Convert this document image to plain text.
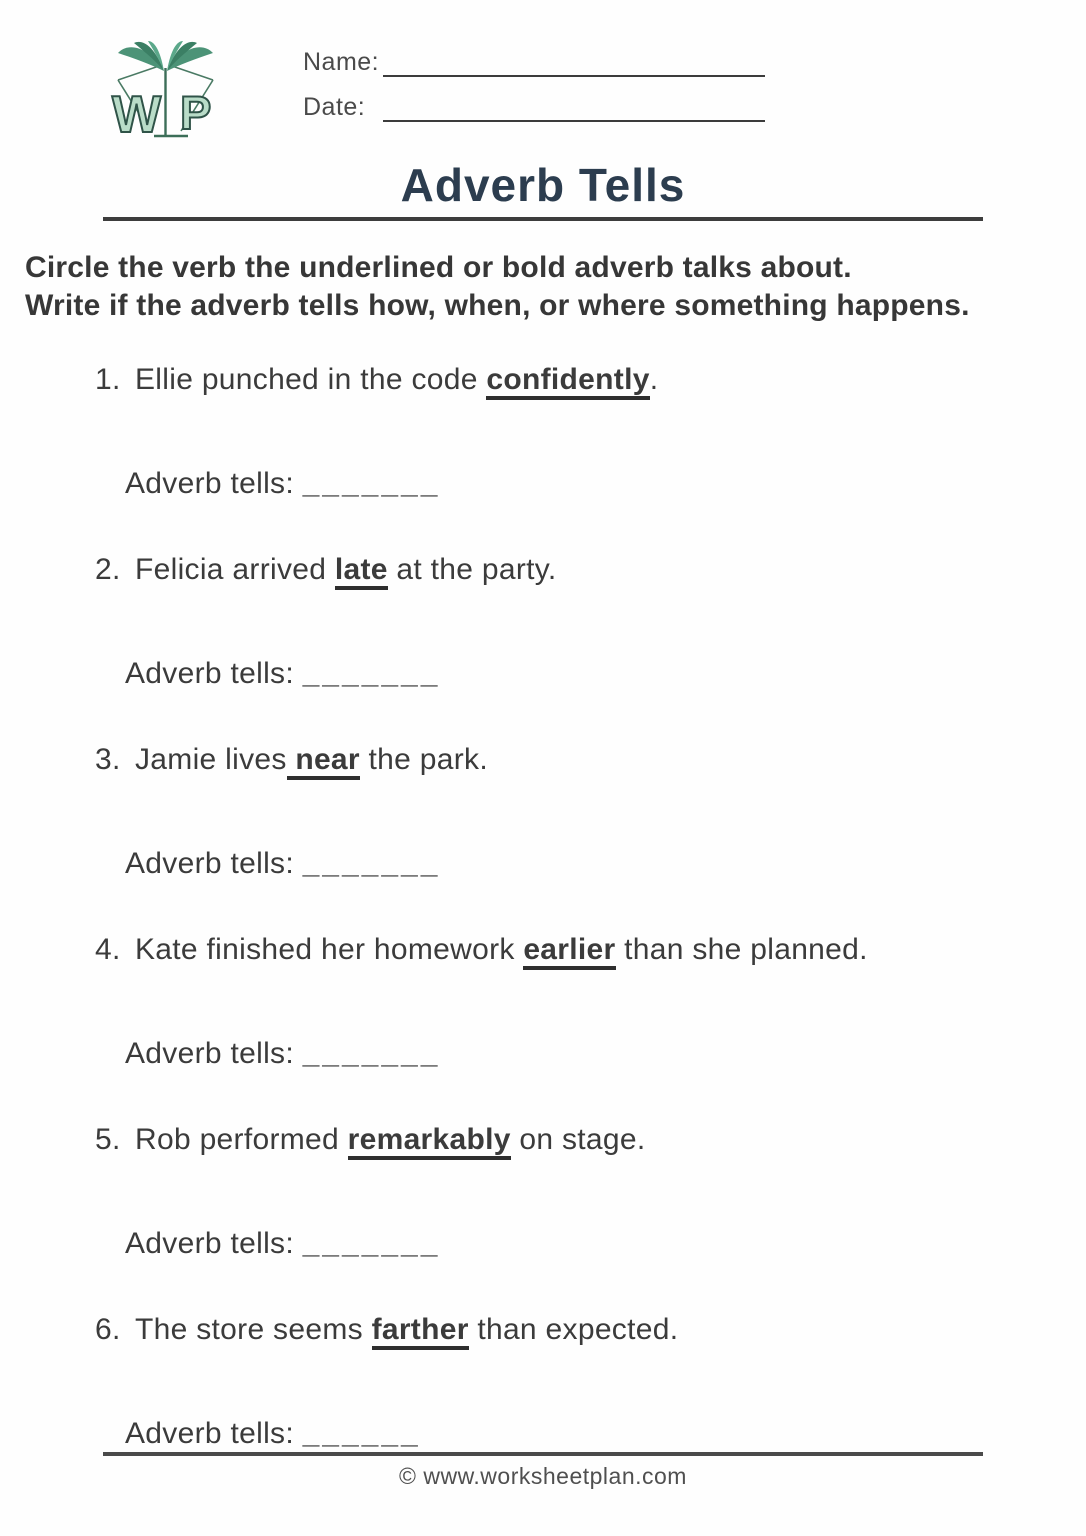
W P
Name:
Date:
Adverb Tells
Circle the verb the underlined or bold adverb talks about.
Write if the adverb tells how, when, or where something happens.
1. Ellie punched in the code confidently.
Adverb tells: _______
2. Felicia arrived late at the party.
Adverb tells: _______
3. Jamie lives near the park.
Adverb tells: _______
4. Kate finished her homework earlier than she planned.
Adverb tells: _______
5. Rob performed remarkably on stage.
Adverb tells: _______
6. The store seems farther than expected.
Adverb tells: ______
© www.worksheetplan.com
